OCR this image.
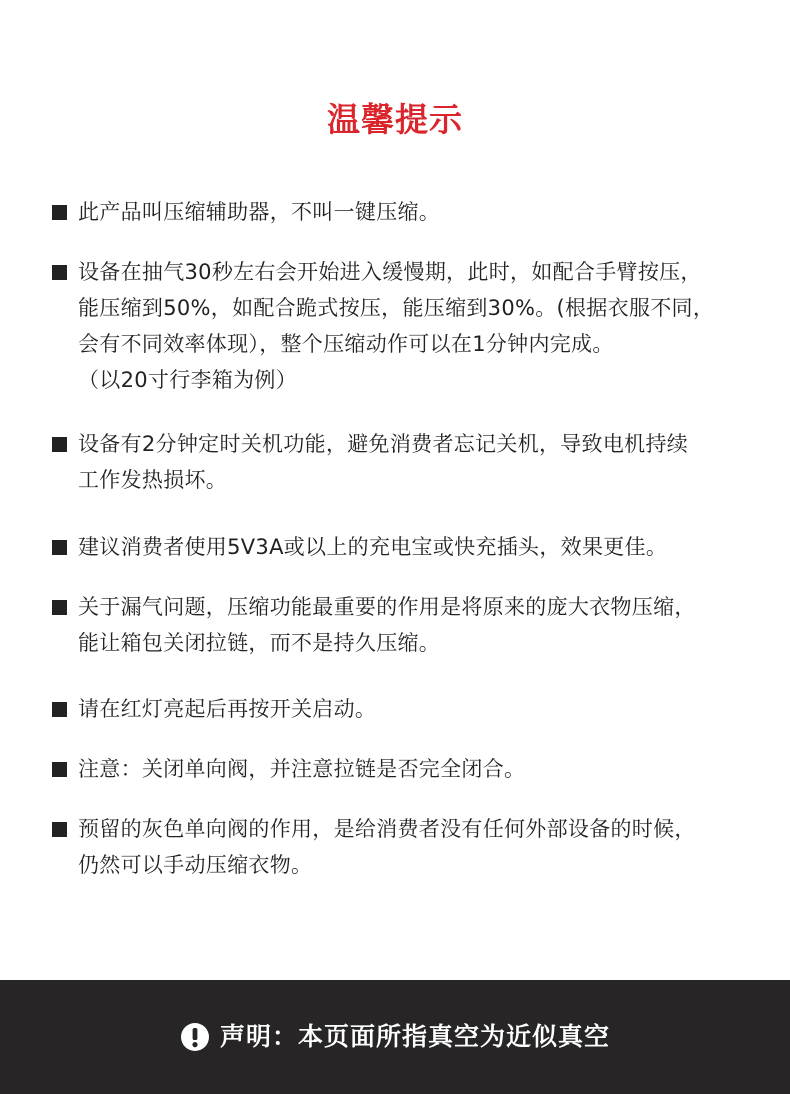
温馨提示
此产品叫压缩辅助器，不叫一键压缩。
设备在抽气30秒左右会开始进入缓慢期，此时，如配合手臂按压，
能压缩到50%，如配合跪式按压，能压缩到30%。(根据衣服不同，
会有不同效率体现），整个压缩动作可以在1分钟内完成。
（以20寸行李箱为例）
设备有2分钟定时关机功能，避免消费者忘记关机，导致电机持续
工作发热损坏。
建议消费者使用5V3A或以上的充电宝或快充插头，效果更佳。
关于漏气问题，压缩功能最重要的作用是将原来的庞大衣物压缩，
能让箱包关闭拉链，而不是持久压缩。
请在红灯亮起后再按开关启动。
注意：关闭单向阀，并注意拉链是否完全闭合。
预留的灰色单向阀的作用，是给消费者没有任何外部设备的时候，
仍然可以手动压缩衣物。
声明：本页面所指真空为近似真空
